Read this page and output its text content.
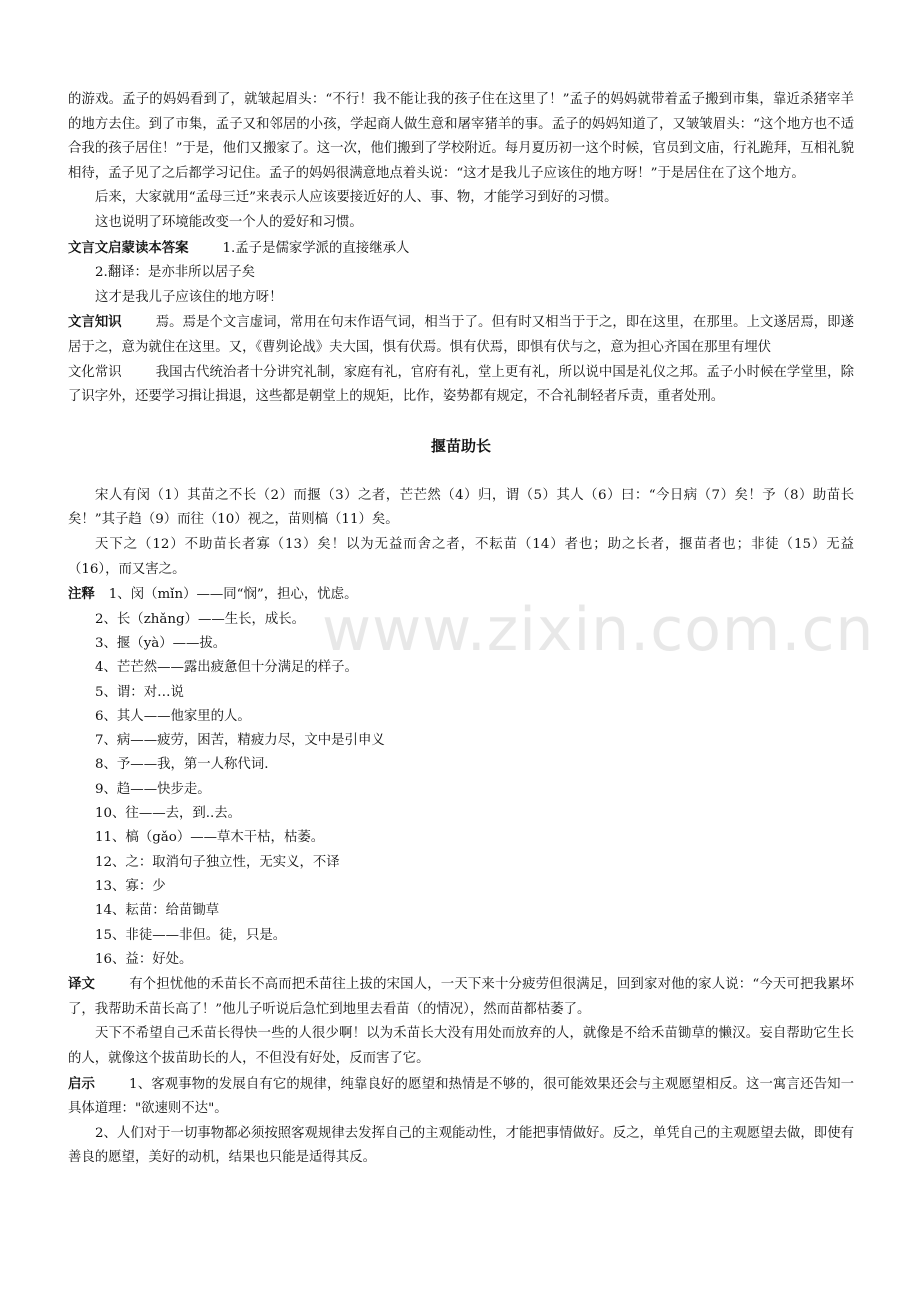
的游戏。孟子的妈妈看到了，就皱起眉头：“不行！我不能让我的孩子住在这里了！”孟子的妈妈就带着孟子搬到市集，靠近杀猪宰羊的地方去住。到了市集，孟子又和邻居的小孩，学起商人做生意和屠宰猪羊的事。孟子的妈妈知道了，又皱皱眉头：“这个地方也不适合我的孩子居住！”于是，他们又搬家了。这一次，他们搬到了学校附近。每月夏历初一这个时候，官员到文庙，行礼跪拜，互相礼貌相待，孟子见了之后都学习记住。孟子的妈妈很满意地点着头说：“这才是我儿子应该住的地方呀！”于是居住在了这个地方。

后来，大家就用“孟母三迁”来表示人应该要接近好的人、事、物，才能学习到好的习惯。

这也说明了环境能改变一个人的爱好和习惯。

文言文启蒙读本答案	1.孟子是儒家学派的直接继承人

2.翻译：是亦非所以居子矣

这才是我儿子应该住的地方呀！

文言知识	焉。焉是个文言虚词，常用在句末作语气词，相当于了。但有时又相当于于之，即在这里，在那里。上文遂居焉，即遂居于之，意为就住在这里。又，《曹刿论战》夫大国，惧有伏焉。惧有伏焉，即惧有伏与之，意为担心齐国在那里有埋伏

文化常识	我国古代统治者十分讲究礼制，家庭有礼，官府有礼，堂上更有礼，所以说中国是礼仪之邦。孟子小时候在学堂里，除了识字外，还要学习揖让揖退，这些都是朝堂上的规矩，比作，姿势都有规定，不合礼制轻者斥责，重者处刑。

揠苗助长

宋人有闵（1）其苗之不长（2）而揠（3）之者，芒芒然（4）归，谓（5）其人（6）曰：“今日病（7）矣！予（8）助苗长矣！”其子趋（9）而往（10）视之，苗则槁（11）矣。

天下之（12）不助苗长者寡（13）矣！以为无益而舍之者，不耘苗（14）者也；助之长者，揠苗者也；非徒（15）无益（16），而又害之。

注释 1、闵（mǐn）——同“悯”，担心，忧虑。

2、长（zhǎng）——生长，成长。

3、揠（yà）——拔。

4、芒芒然——露出疲惫但十分满足的样子。

5、谓：对…说

6、其人——他家里的人。

7、病——疲劳，困苦，精疲力尽，文中是引申义

8、予——我，第一人称代词.

9、趋——快步走。

10、往——去，到..去。

11、槁（gǎo）——草木干枯，枯萎。

12、之：取消句子独立性，无实义，不译

13、寡：少

14、耘苗：给苗锄草

15、非徒——非但。徒，只是。

16、益：好处。

译文	有个担忧他的禾苗长不高而把禾苗往上拔的宋国人，一天下来十分疲劳但很满足，回到家对他的家人说：“今天可把我累坏了，我帮助禾苗长高了！”他儿子听说后急忙到地里去看苗（的情况），然而苗都枯萎了。

天下不希望自己禾苗长得快一些的人很少啊！以为禾苗长大没有用处而放弃的人，就像是不给禾苗锄草的懒汉。妄自帮助它生长的人，就像这个拔苗助长的人，不但没有好处，反而害了它。

启示	1、客观事物的发展自有它的规律，纯靠良好的愿望和热情是不够的，很可能效果还会与主观愿望相反。这一寓言还告知一具体道理："欲速则不达"。

2、人们对于一切事物都必须按照客观规律去发挥自己的主观能动性，才能把事情做好。反之，单凭自己的主观愿望去做，即使有善良的愿望，美好的动机，结果也只能是适得其反。

www.zixin.com.cn
